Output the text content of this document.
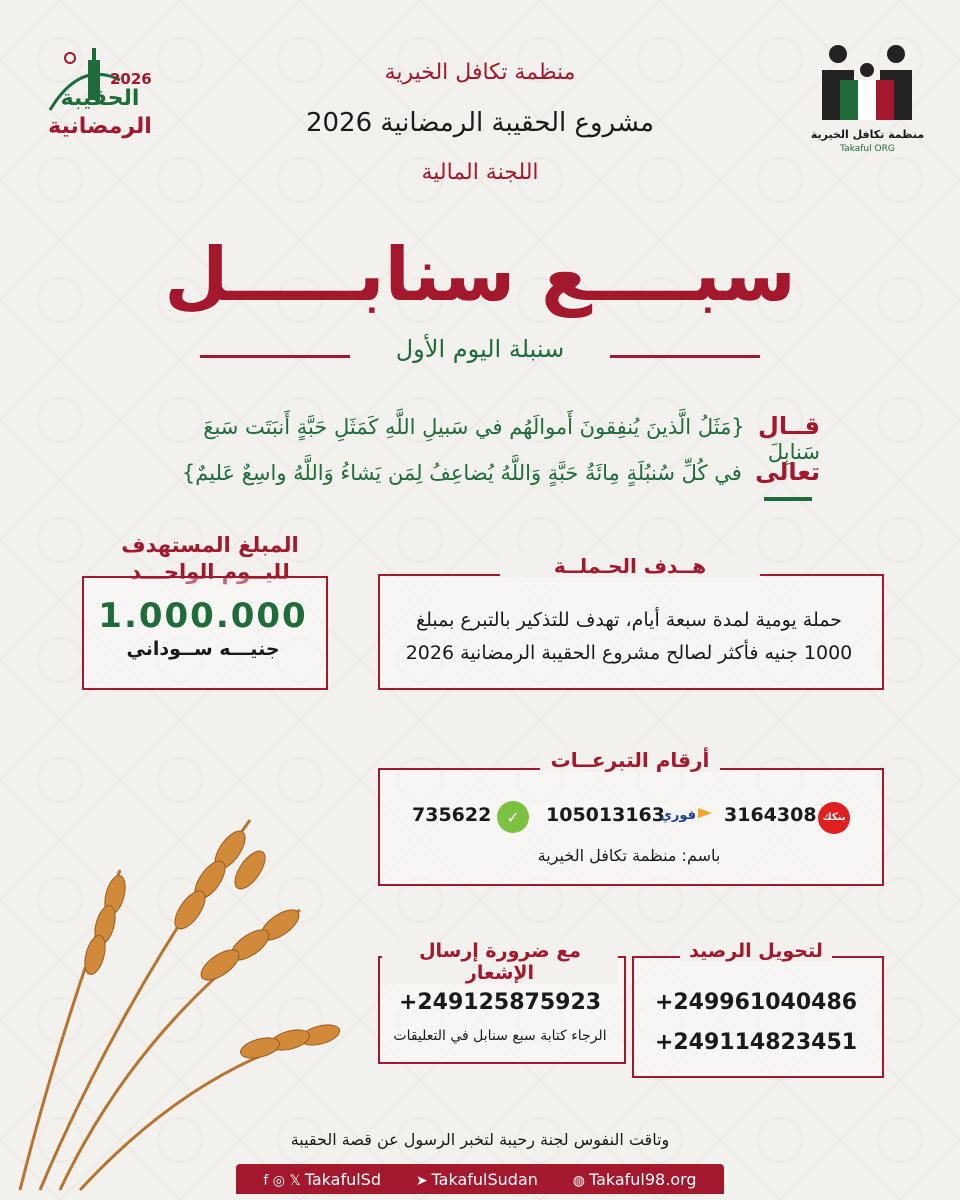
2026
الحقيبة
الرمضانية	منظمة تكافل الخيرية
Takaful ORG
منظمة تكافل الخيرية
مشروع الحقيبة الرمضانية 2026
اللجنة المالية
سبــــع سنابـــــل
سنبلة اليوم الأول
قــال  {مَثَلُ الَّذينَ يُنفِقونَ أَموالَهُم في سَبيلِ اللَّهِ كَمَثَلِ حَبَّةٍ أَنبَتَت سَبعَ سَنابِلَ
تعالى  في كُلِّ سُنبُلَةٍ مِائَةُ حَبَّةٍ وَاللَّهُ يُضاعِفُ لِمَن يَشاءُ وَاللَّهُ واسِعٌ عَليمٌ}
المبلغ المستهدف
لليــوم الواحـــد
1.000.000
جنيـــه ســوداني
هــدف الحـملــة
حملة يومية لمدة سبعة أيام، تهدف للتذكير بالتبرع بمبلغ
1000 جنيه فأكثر لصالح مشروع الحقيبة الرمضانية 2026
أرقام التبرعــات
735622 ✓ 105013163
فوري 3164308 بنكك
باسم: منظمة تكافل الخيرية
لتحويل الرصيد
+249961040486
+249114823451
مع ضرورة إرسال الإشعار
+249125875923
الرجاء كتابة سبع سنابل في التعليقات
وتاقت النفوس لجنة رحيبة لتخبر الرسول عن قصة الحقيبة
f ◎ 𝕏 TakafulSd ➤ TakafulSudan ◍ Takaful98.org
